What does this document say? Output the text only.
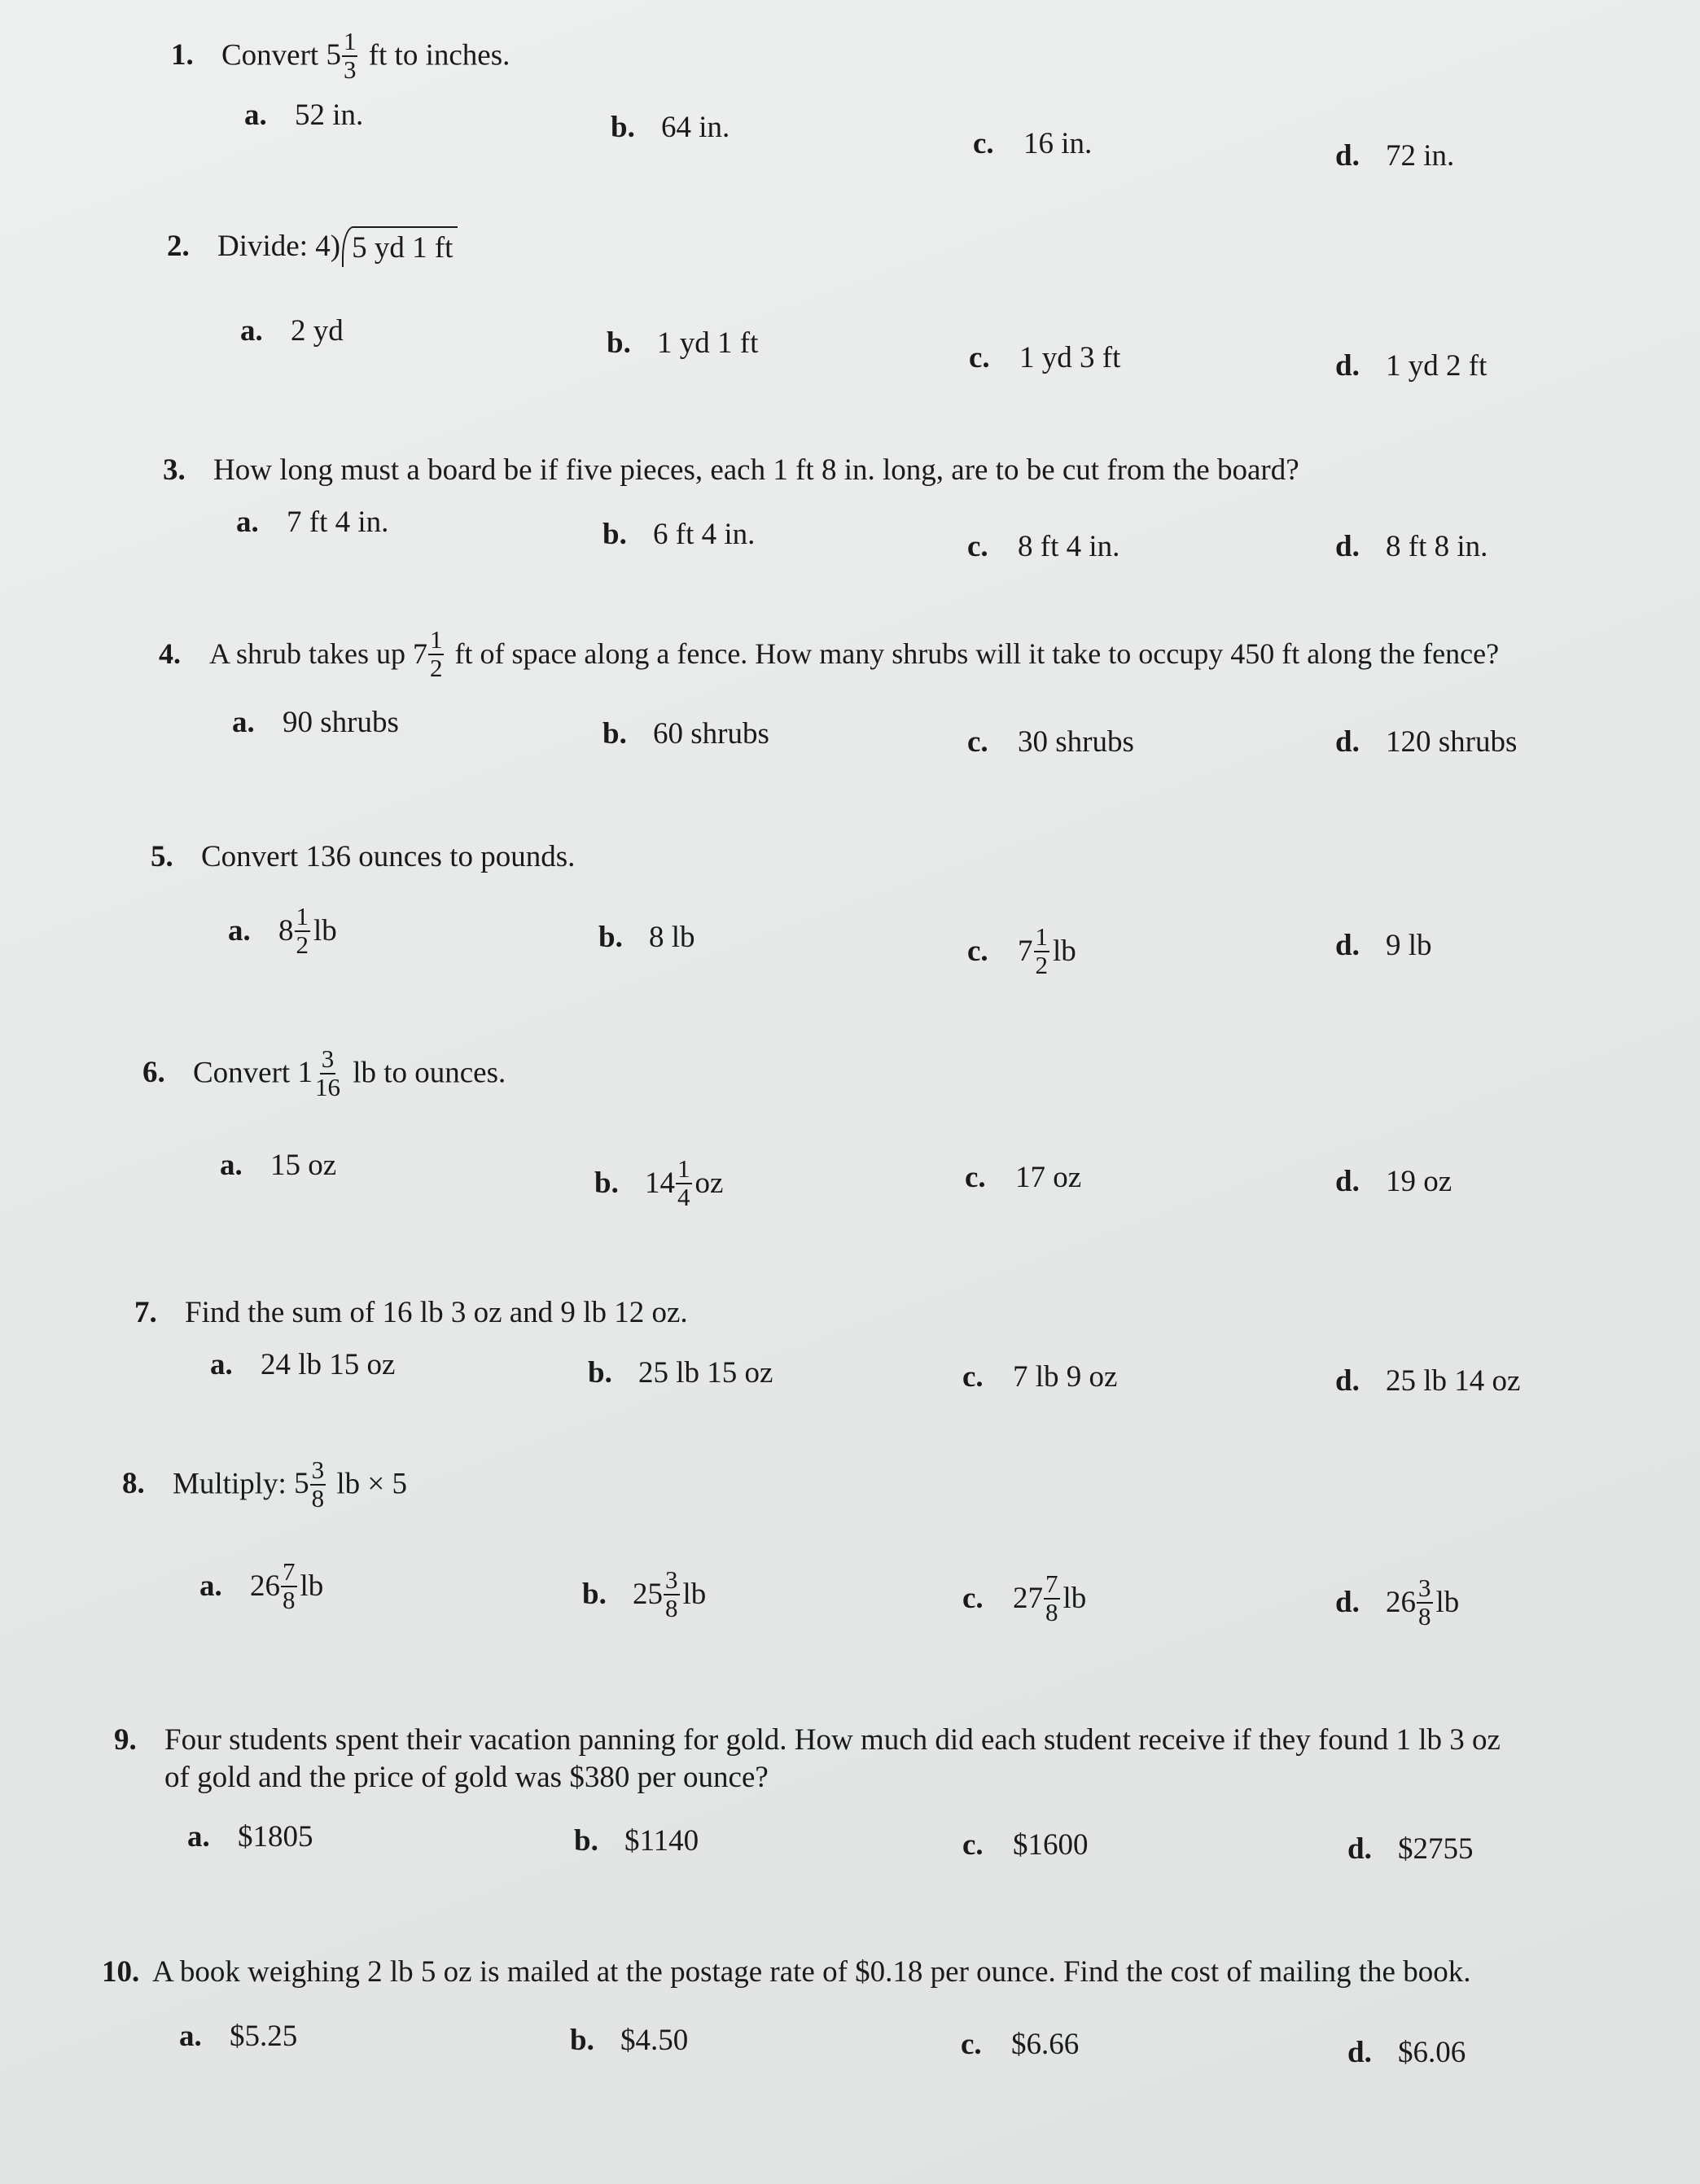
1. Convert $5 \frac{1}{3}$ ft to inches.
a. 52 in.	b. 64 in.	c. 16 in.	d. 72 in.
2. Divide: 4) 5 yd 1 ft
a. 2 yd	b. 1 yd 1 ft	c. 1 yd 3 ft	d. 1 yd 2 ft
3. How long must a board be if five pieces, each 1 ft 8 in. long, are to be cut from the board?
a. 7 ft 4 in.	b. 6 ft 4 in.	c. 8 ft 4 in.	d. 8 ft 8 in.
4. A shrub takes up $7 \frac{1}{2}$ ft of space along a fence. How many shrubs will it take to occupy 450 ft along the fence?
a. 90 shrubs	b. 60 shrubs	c. 30 shrubs	d. 120 shrubs
5. Convert 136 ounces to pounds.
a. $8 \frac{1}{2}$ lb	b. 8 lb	c. $7 \frac{1}{2}$ lb	d. 9 lb
6. Convert $1 \frac{3}{16}$ lb to ounces.
a. 15 oz
b. $14 \frac{1}{4}$ oz	c. 17 oz	d. 19 oz
7. Find the sum of 16 lb 3 oz and 9 lb 12 oz.
a. 24 lb 15 oz	b. 25 lb 15 oz	c. 7 lb 9 oz	d. 25 lb 14 oz
8. Multiply: $5 \frac{3}{8}$ lb × 5
a. $26 \frac{7}{8}$ lb	b. $25 \frac{3}{8}$ lb	c. $27 \frac{7}{8}$ lb	d. $26 \frac{3}{8}$ lb
9. Four students spent their vacation panning for gold. How much did each student receive if they found 1 lb 3 oz
of gold and the price of gold was $380 per ounce?
a. $1805	b. $1140	c. $1600	d. $2755
10. A book weighing 2 lb 5 oz is mailed at the postage rate of $0.18 per ounce. Find the cost of mailing the book.
a. $5.25	b. $4.50	c. $6.66	d. $6.06
